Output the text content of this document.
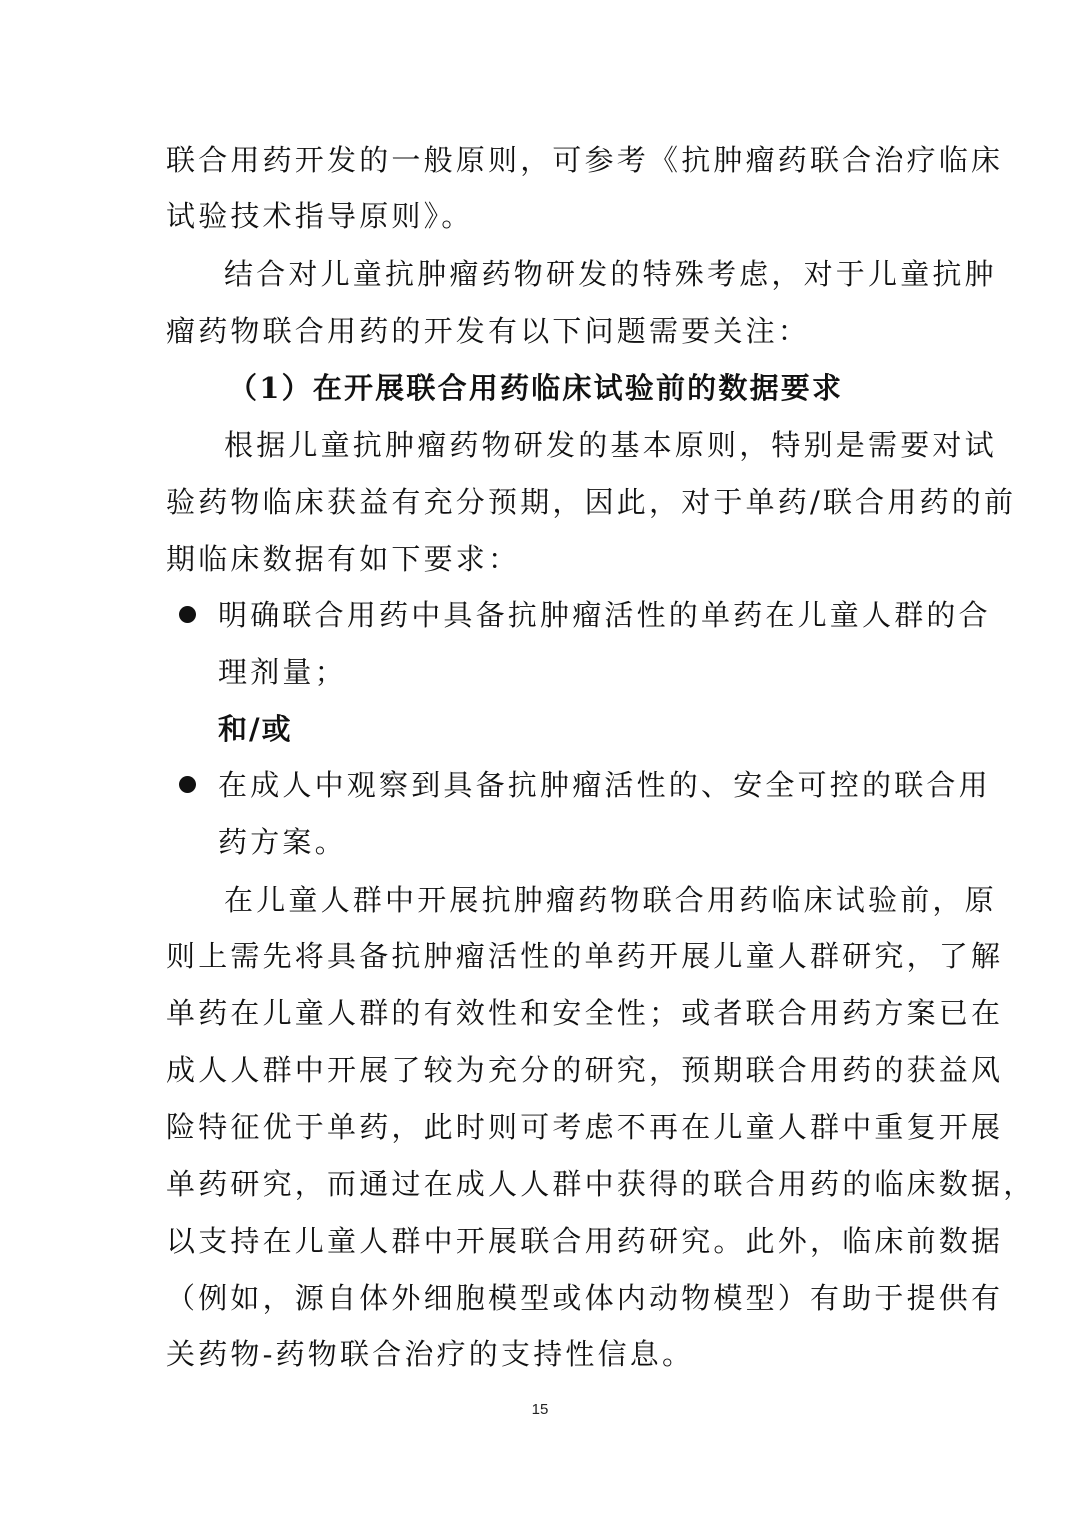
联合用药开发的一般原则，可参考《抗肿瘤药联合治疗临床
试验技术指导原则》。
结合对儿童抗肿瘤药物研发的特殊考虑，对于儿童抗肿
瘤药物联合用药的开发有以下问题需要关注：
（1）在开展联合用药临床试验前的数据要求
根据儿童抗肿瘤药物研发的基本原则，特别是需要对试
验药物临床获益有充分预期，因此，对于单药/联合用药的前
期临床数据有如下要求：
明确联合用药中具备抗肿瘤活性的单药在儿童人群的合
理剂量；
和/或
在成人中观察到具备抗肿瘤活性的、安全可控的联合用
药方案。
在儿童人群中开展抗肿瘤药物联合用药临床试验前，原
则上需先将具备抗肿瘤活性的单药开展儿童人群研究，了解
单药在儿童人群的有效性和安全性；或者联合用药方案已在
成人人群中开展了较为充分的研究，预期联合用药的获益风
险特征优于单药，此时则可考虑不再在儿童人群中重复开展
单药研究，而通过在成人人群中获得的联合用药的临床数据，
以支持在儿童人群中开展联合用药研究。此外，临床前数据
（例如，源自体外细胞模型或体内动物模型）有助于提供有
关药物-药物联合治疗的支持性信息。
15
